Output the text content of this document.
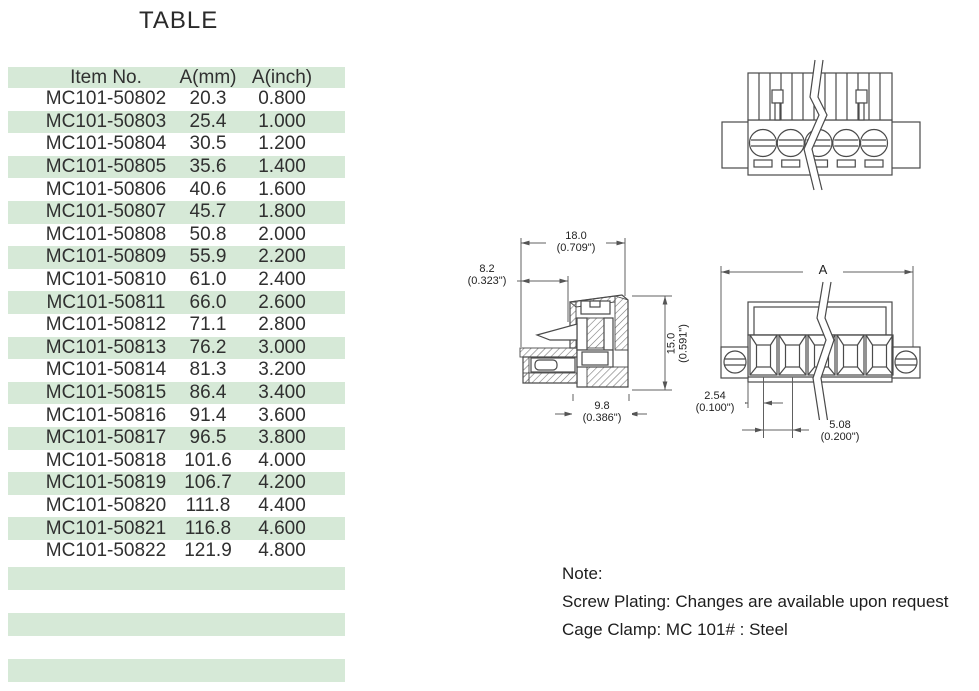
TABLE
Item No.	A(mm) A(inch)
MC101-50802	20.3	0.800
MC101-50803	25.4	1.000
MC101-50804	30.5	1.200
MC101-50805	35.6	1.400
MC101-50806	40.6	1.600
MC101-50807	45.7	1.800
MC101-50808	50.8	2.000
MC101-50809	55.9	2.200
MC101-50810	61.0	2.400
MC101-50811	66.0	2.600
MC101-50812	71.1	2.800
MC101-50813	76.2	3.000
MC101-50814	81.3	3.200
MC101-50815	86.4	3.400
MC101-50816	91.4	3.600
MC101-50817	96.5	3.800
MC101-50818 101.6	4.000
MC101-50819 106.7	4.200
MC101-50820	111.8	4.400
MC101-50821 116.8	4.600
MC101-50822 121.9	4.800
18.0
(0.709")
8.2
(0.323")
15.0 (0.591")
9.8
(0.386")
A
2.54
(0.100")
5.08
(0.200")
Note:
Screw Plating: Changes are available upon request
Cage Clamp: MC 101# : Steel
